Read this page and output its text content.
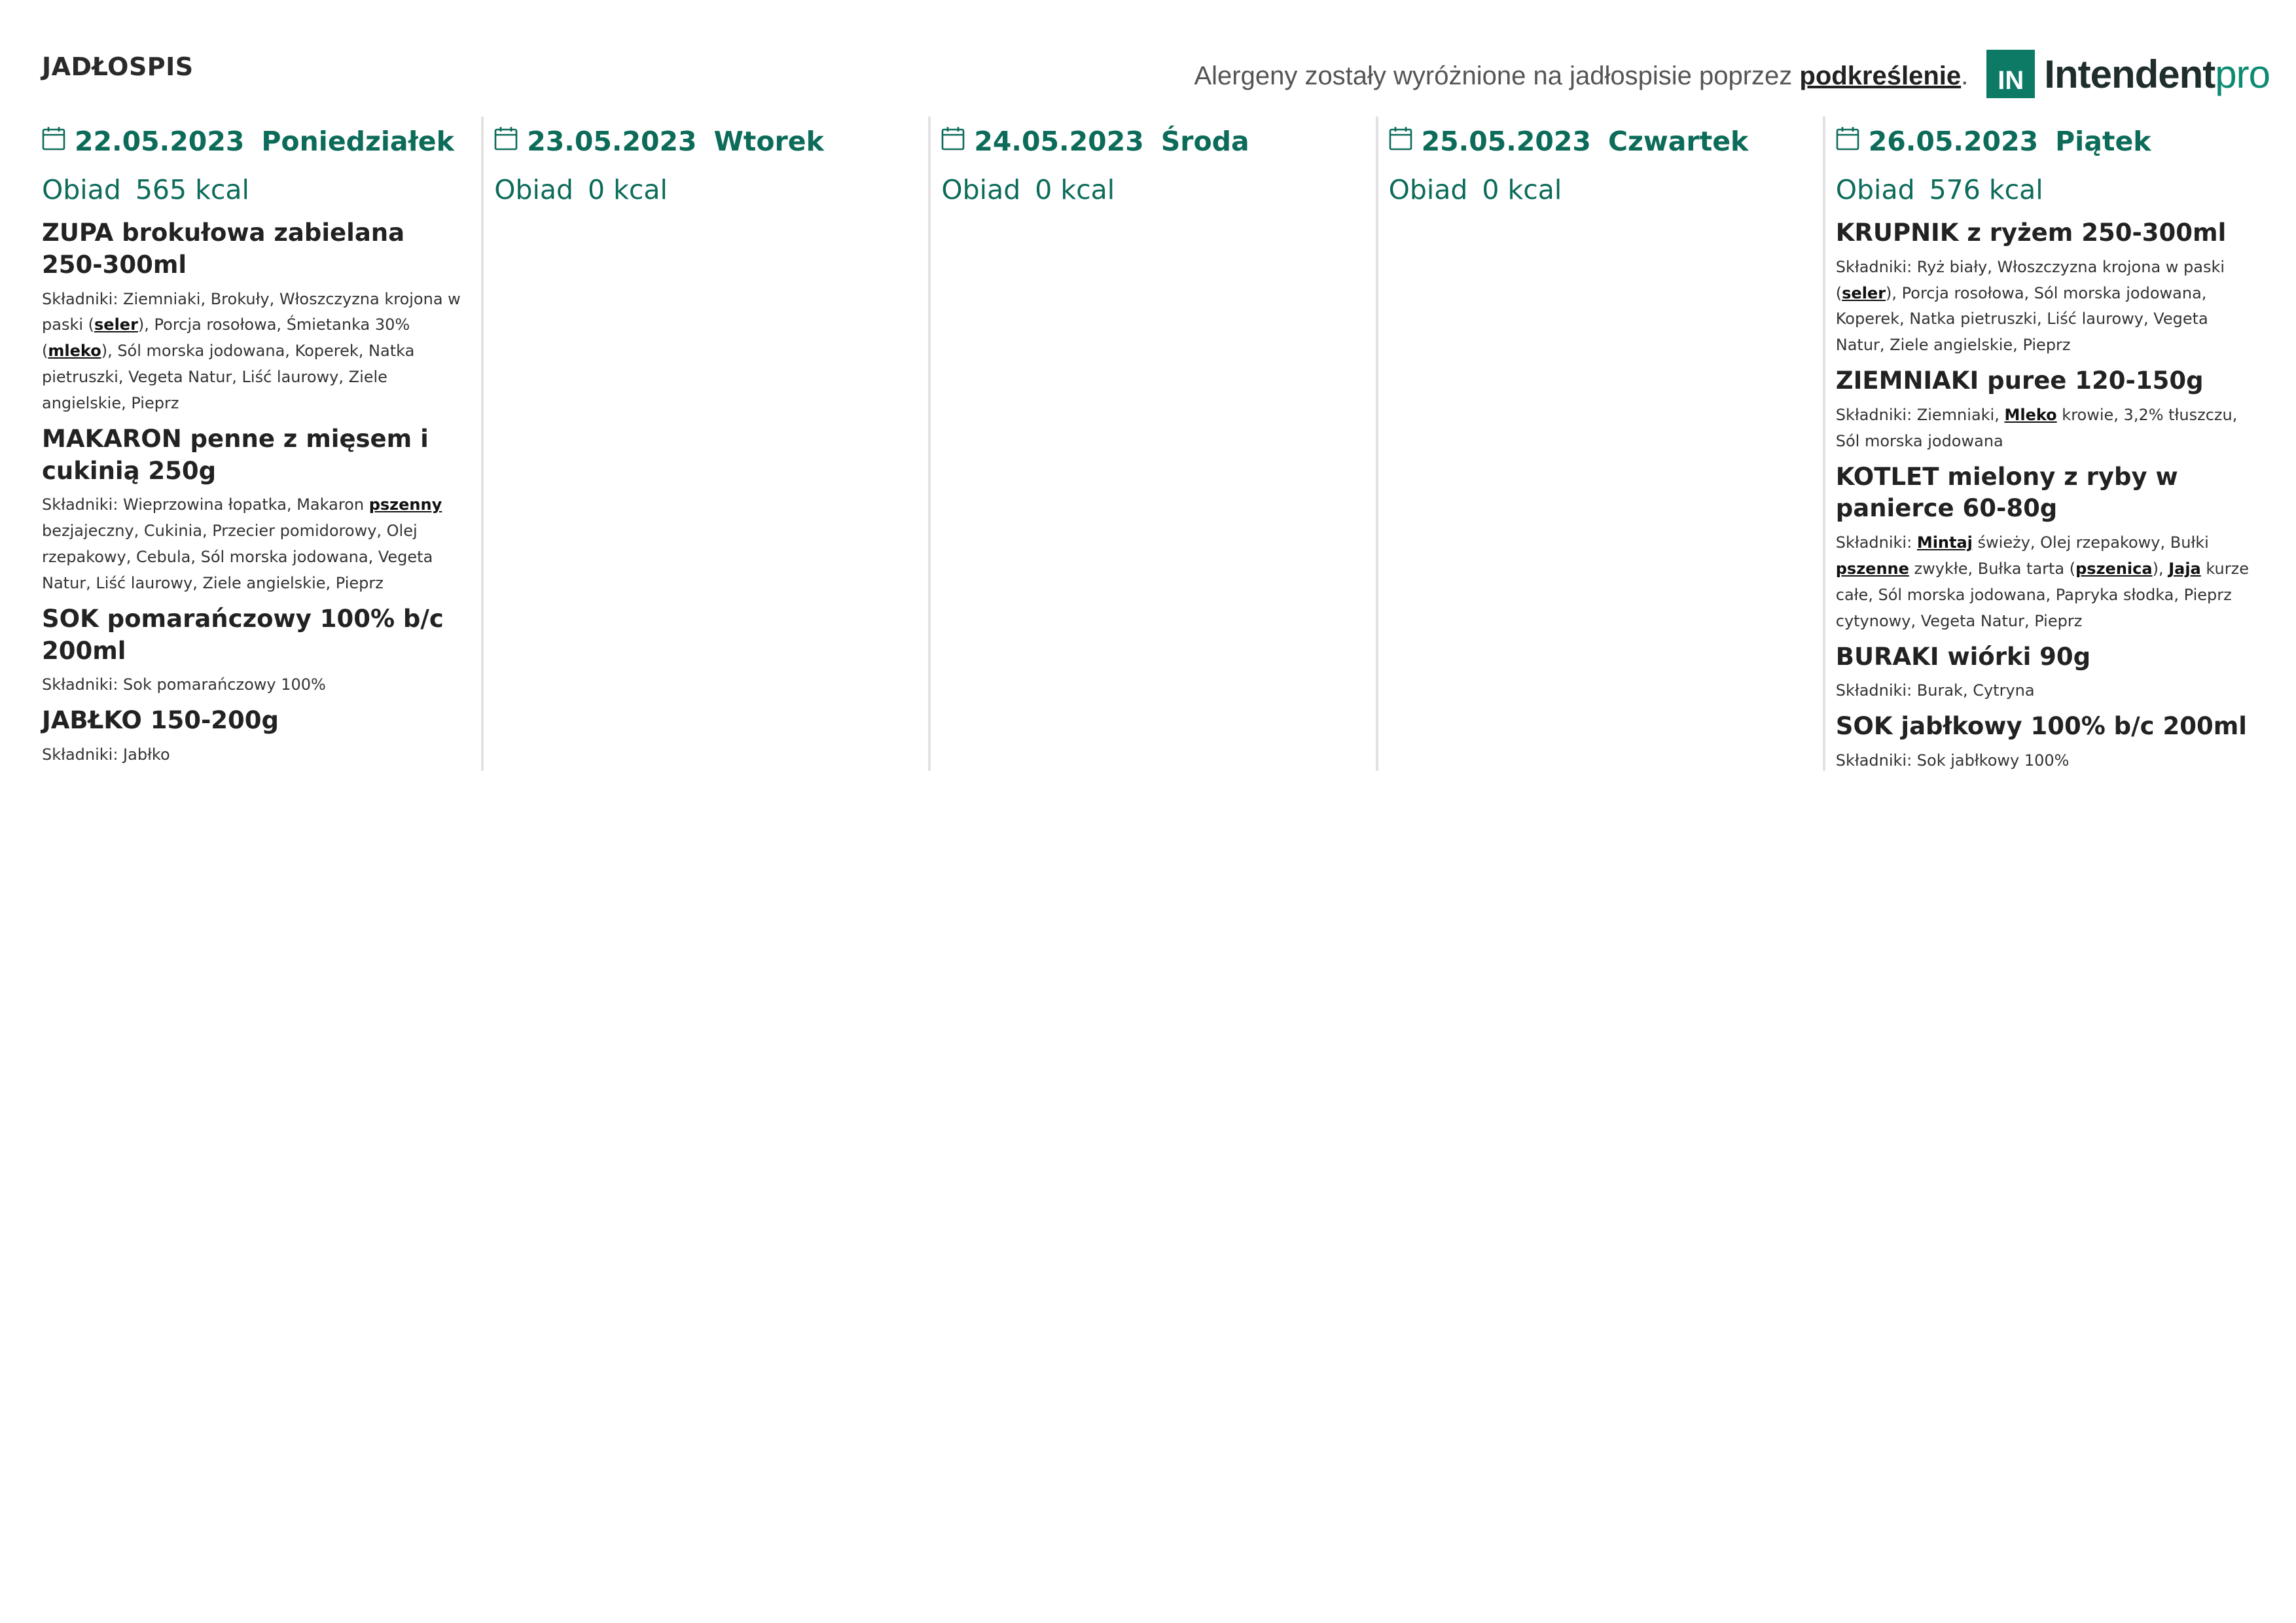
JADŁOSPIS	Alergeny zostały wyróżnione na jadłospisie poprzez podkreślenie.	IN Intendentpro
22.05.2023 Poniedziałek
Obiad 565 kcal
ZUPA brokułowa zabielana 250-300ml
Składniki: Ziemniaki, Brokuły, Włoszczyzna krojona w paski (seler), Porcja rosołowa, Śmietanka 30% (mleko), Sól morska jodowana, Koperek, Natka pietruszki, Vegeta Natur, Liść laurowy, Ziele angielskie, Pieprz
MAKARON penne z mięsem i cukinią 250g
Składniki: Wieprzowina łopatka, Makaron pszenny bezjajeczny, Cukinia, Przecier pomidorowy, Olej rzepakowy, Cebula, Sól morska jodowana, Vegeta Natur, Liść laurowy, Ziele angielskie, Pieprz
SOK pomarańczowy 100% b/c 200ml
Składniki: Sok pomarańczowy 100%
JABŁKO 150-200g
Składniki: Jabłko
23.05.2023 Wtorek
Obiad 0 kcal
24.05.2023 Środa
Obiad 0 kcal
25.05.2023 Czwartek
Obiad 0 kcal
26.05.2023 Piątek
Obiad 576 kcal
KRUPNIK z ryżem 250-300ml
Składniki: Ryż biały, Włoszczyzna krojona w paski (seler), Porcja rosołowa, Sól morska jodowana, Koperek, Natka pietruszki, Liść laurowy, Vegeta Natur, Ziele angielskie, Pieprz
ZIEMNIAKI puree 120-150g
Składniki: Ziemniaki, Mleko krowie, 3,2% tłuszczu, Sól morska jodowana
KOTLET mielony z ryby w panierce 60-80g
Składniki: Mintaj świeży, Olej rzepakowy, Bułki pszenne zwykłe, Bułka tarta (pszenica), Jaja kurze całe, Sól morska jodowana, Papryka słodka, Pieprz cytynowy, Vegeta Natur, Pieprz
BURAKI wiórki 90g
Składniki: Burak, Cytryna
SOK jabłkowy 100% b/c 200ml
Składniki: Sok jabłkowy 100%
